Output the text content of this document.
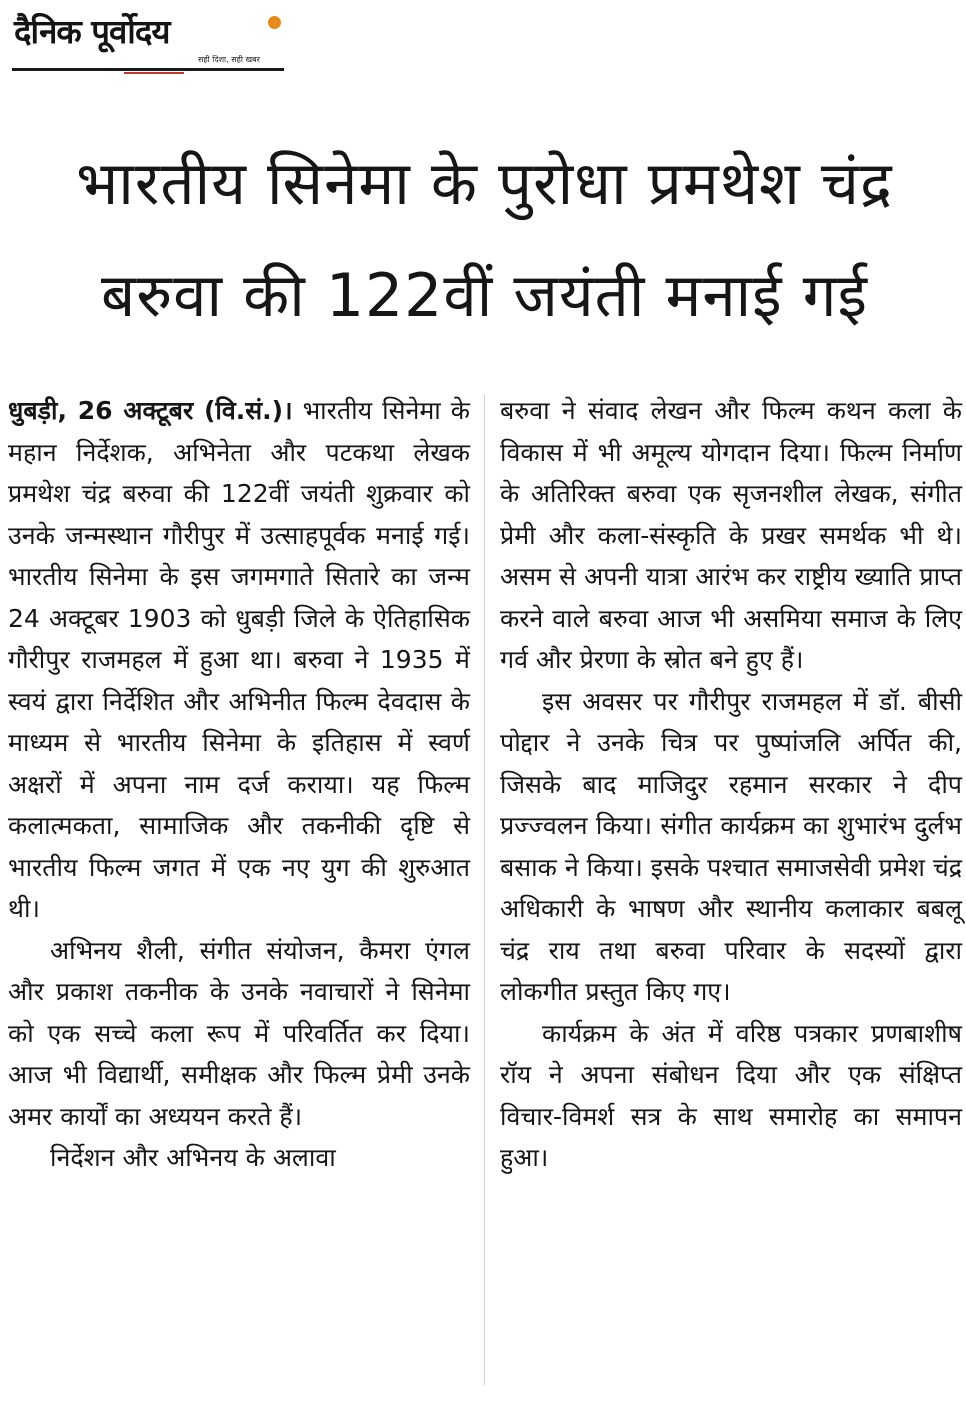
दैनिक पूर्वोदय
सही दिशा, सही खबर
भारतीय सिनेमा के पुरोधा प्रमथेश चंद्र बरुवा की 122वीं जयंती मनाई गई

धुबड़ी, 26 अक्टूबर (वि.सं.)। भारतीय सिनेमा के महान निर्देशक, अभिनेता और पटकथा लेखक प्रमथेश चंद्र बरुवा की 122वीं जयंती शुक्रवार को उनके जन्मस्थान गौरीपुर में उत्साहपूर्वक मनाई गई। भारतीय सिनेमा के इस जगमगाते सितारे का जन्म 24 अक्टूबर 1903 को धुबड़ी जिले के ऐतिहासिक गौरीपुर राजमहल में हुआ था। बरुवा ने 1935 में स्वयं द्वारा निर्देशित और अभिनीत फिल्म देवदास के माध्यम से भारतीय सिनेमा के इतिहास में स्वर्ण अक्षरों में अपना नाम दर्ज कराया। यह फिल्म कलात्मकता, सामाजिक और तकनीकी दृष्टि से भारतीय फिल्म जगत में एक नए युग की शुरुआत थी।

अभिनय शैली, संगीत संयोजन, कैमरा एंगल और प्रकाश तकनीक के उनके नवाचारों ने सिनेमा को एक सच्चे कला रूप में परिवर्तित कर दिया। आज भी विद्यार्थी, समीक्षक और फिल्म प्रेमी उनके अमर कार्यों का अध्ययन करते हैं।

निर्देशन और अभिनय के अलावा

बरुवा ने संवाद लेखन और फिल्म कथन कला के विकास में भी अमूल्य योगदान दिया। फिल्म निर्माण के अतिरिक्त बरुवा एक सृजनशील लेखक, संगीत प्रेमी और कला-संस्कृति के प्रखर समर्थक भी थे। असम से अपनी यात्रा आरंभ कर राष्ट्रीय ख्याति प्राप्त करने वाले बरुवा आज भी असमिया समाज के लिए गर्व और प्रेरणा के स्रोत बने हुए हैं।

इस अवसर पर गौरीपुर राजमहल में डॉ. बीसी पोद्दार ने उनके चित्र पर पुष्पांजलि अर्पित की, जिसके बाद माजिदुर रहमान सरकार ने दीप प्रज्ज्वलन किया। संगीत कार्यक्रम का शुभारंभ दुर्लभ बसाक ने किया। इसके पश्चात समाजसेवी प्रमेश चंद्र अधिकारी के भाषण और स्थानीय कलाकार बबलू चंद्र राय तथा बरुवा परिवार के सदस्यों द्वारा लोकगीत प्रस्तुत किए गए।

कार्यक्रम के अंत में वरिष्ठ पत्रकार प्रणबाशीष रॉय ने अपना संबोधन दिया और एक संक्षिप्त विचार-विमर्श सत्र के साथ समारोह का समापन हुआ।
